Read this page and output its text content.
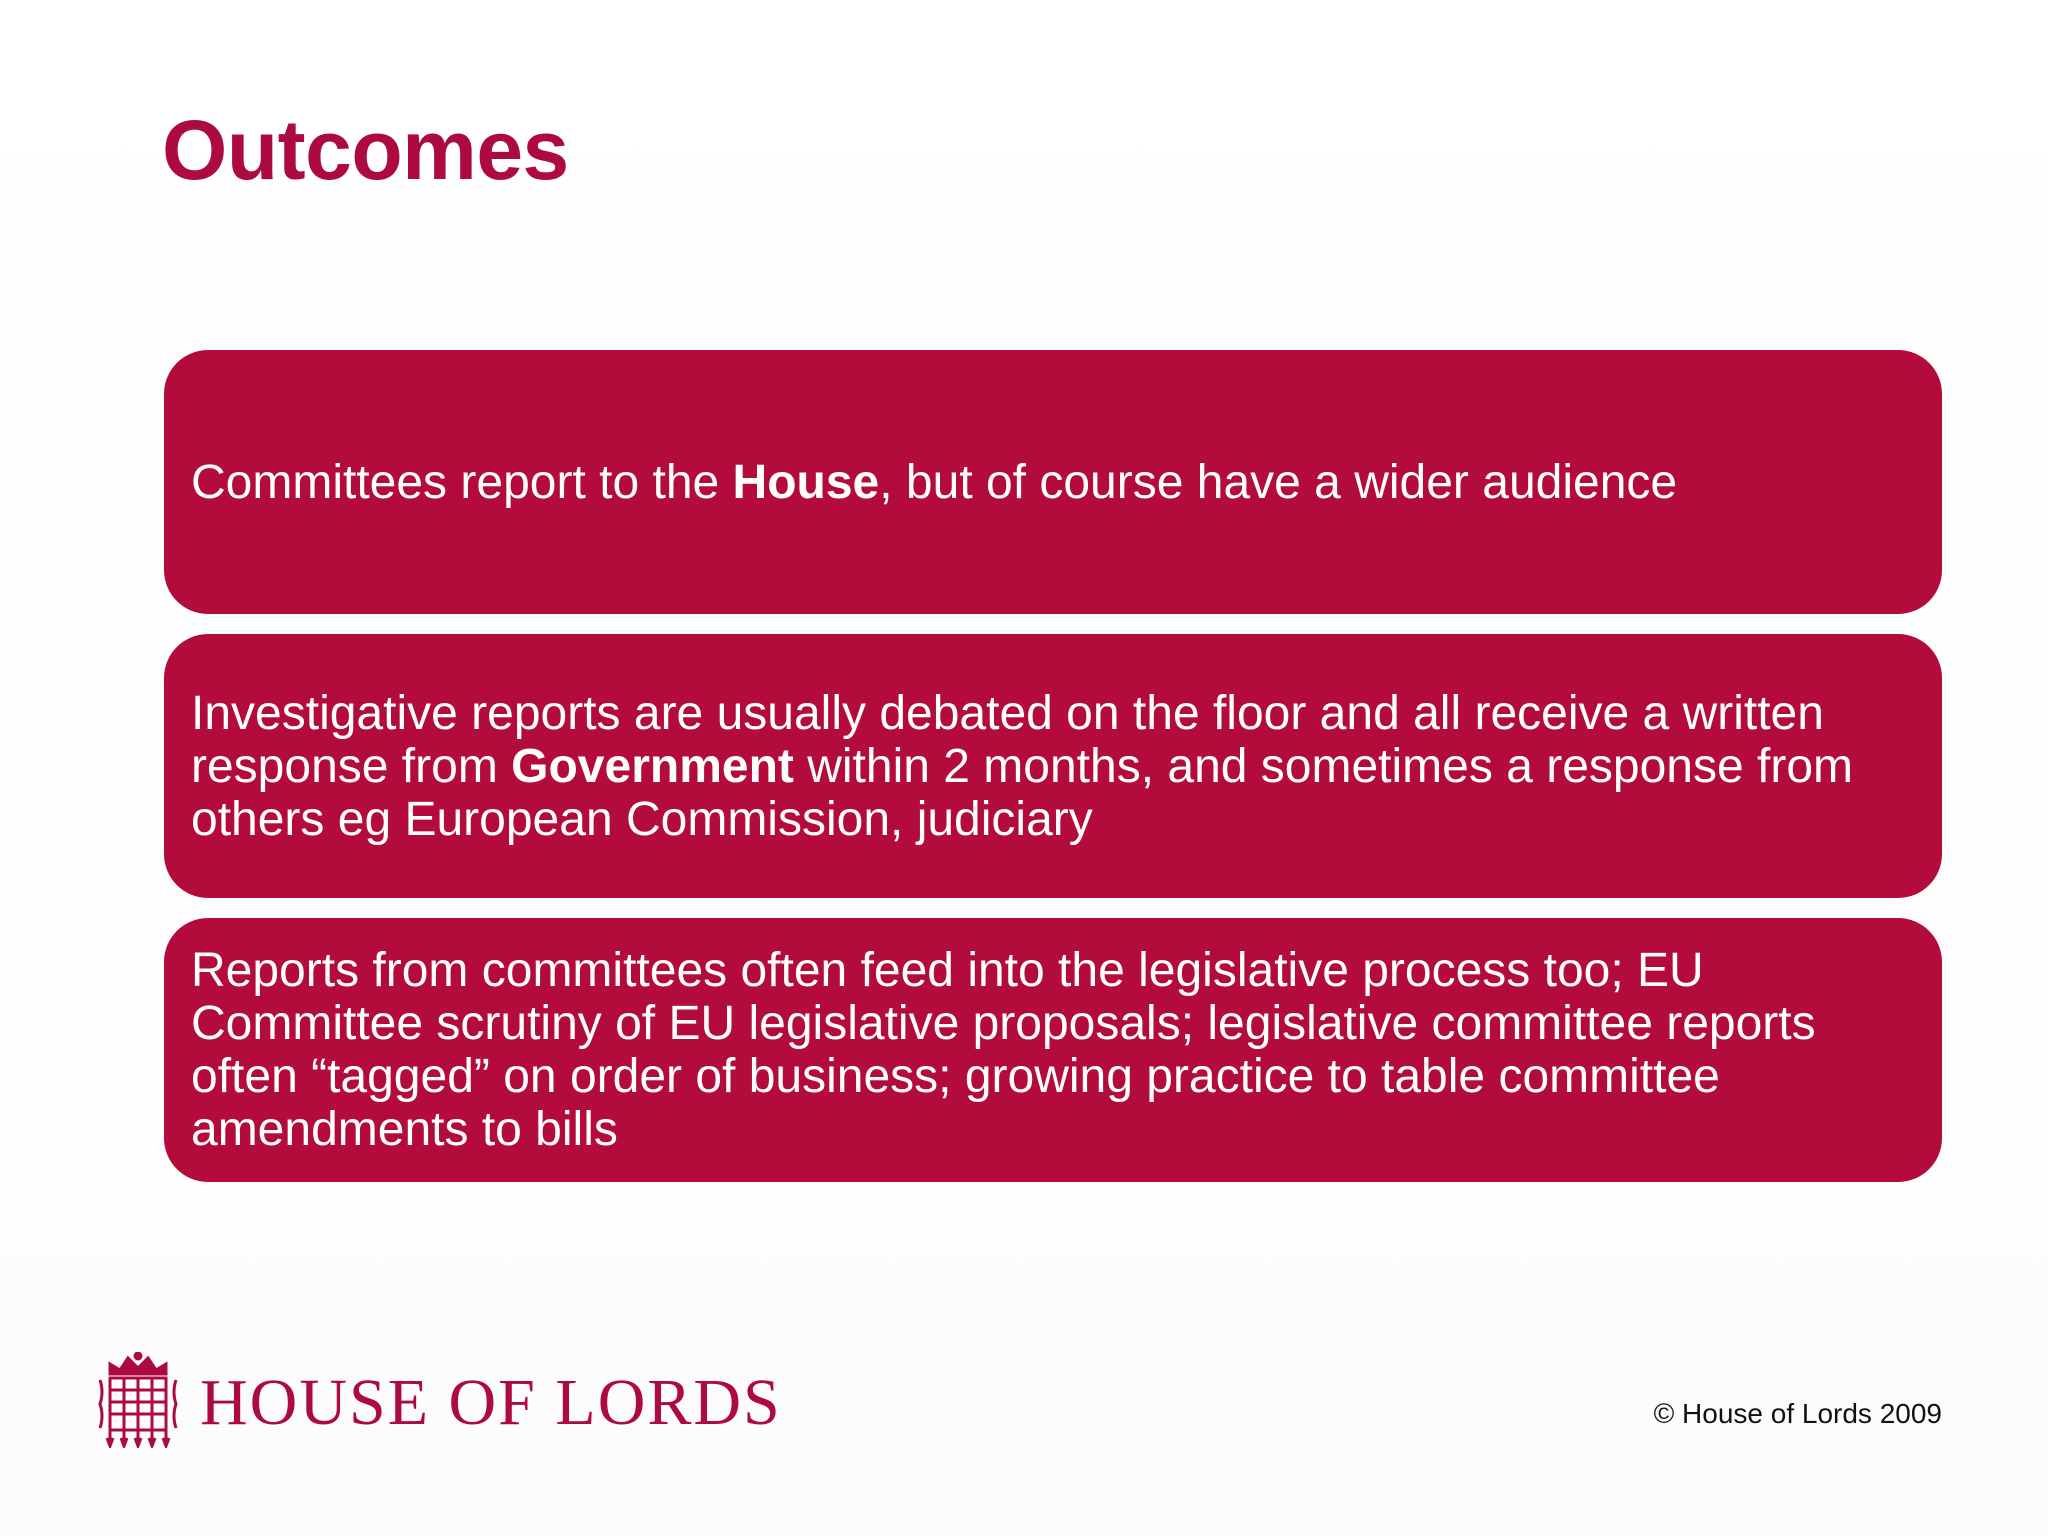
Outcomes

Committees report to the House, but of course have a wider audience

Investigative reports are usually debated on the floor and all receive a written response from Government within 2 months, and sometimes a response from others eg European Commission, judiciary

Reports from committees often feed into the legislative process too; EU Committee scrutiny of EU legislative proposals; legislative committee reports often “tagged” on order of business; growing practice to table committee amendments to bills

HOUSE OF LORDS	© House of Lords 2009
